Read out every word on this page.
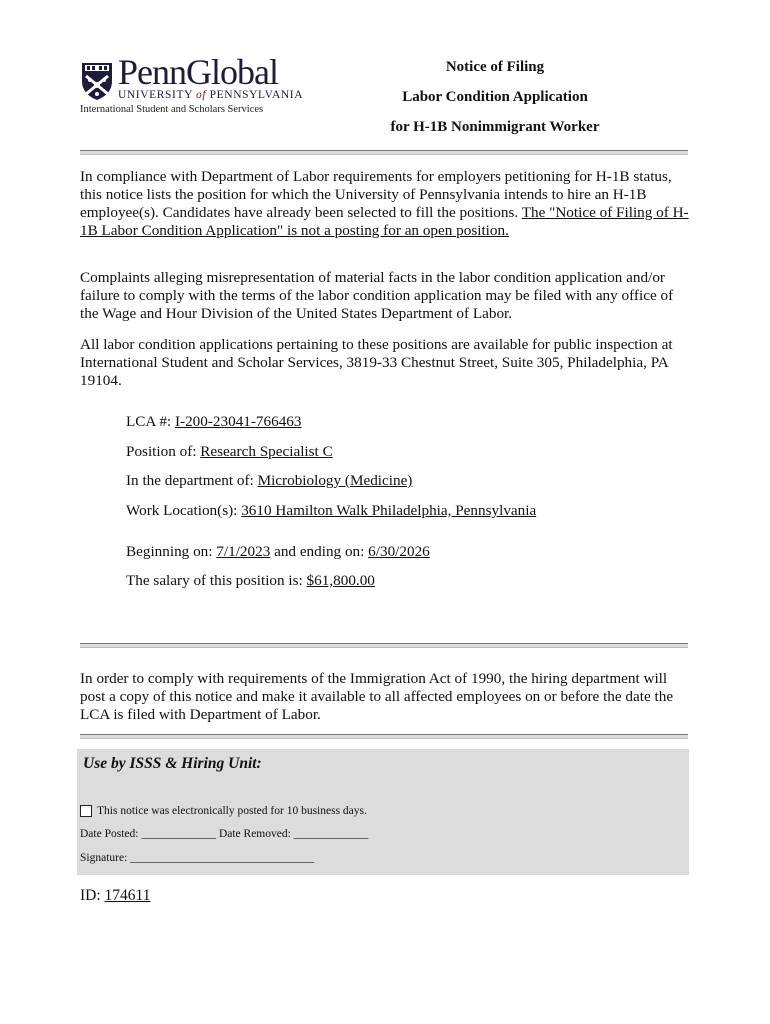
PennGlobal
UNIVERSITY of PENNSYLVANIA
International Student and Scholars Services
Notice of Filing
Labor Condition Application
for H-1B Nonimmigrant Worker
In compliance with Department of Labor requirements for employers petitioning for H-1B status, this notice lists the position for which the University of Pennsylvania intends to hire an H-1B employee(s). Candidates have already been selected to fill the positions. The "Notice of Filing of H-1B Labor Condition Application" is not a posting for an open position.
Complaints alleging misrepresentation of material facts in the labor condition application and/or failure to comply with the terms of the labor condition application may be filed with any office of the Wage and Hour Division of the United States Department of Labor.
All labor condition applications pertaining to these positions are available for public inspection at International Student and Scholar Services, 3819-33 Chestnut Street, Suite 305, Philadelphia, PA 19104.
LCA #: I-200-23041-766463
Position of: Research Specialist C
In the department of: Microbiology (Medicine)
Work Location(s): 3610 Hamilton Walk Philadelphia, Pennsylvania
Beginning on: 7/1/2023 and ending on: 6/30/2026
The salary of this position is: $61,800.00
In order to comply with requirements of the Immigration Act of 1990, the hiring department will post a copy of this notice and make it available to all affected employees on or before the date the LCA is filed with Department of Labor.
Use by ISSS & Hiring Unit:
This notice was electronically posted for 10 business days.
Date Posted: _____________ Date Removed: _____________
Signature: ________________________________
ID: 174611
